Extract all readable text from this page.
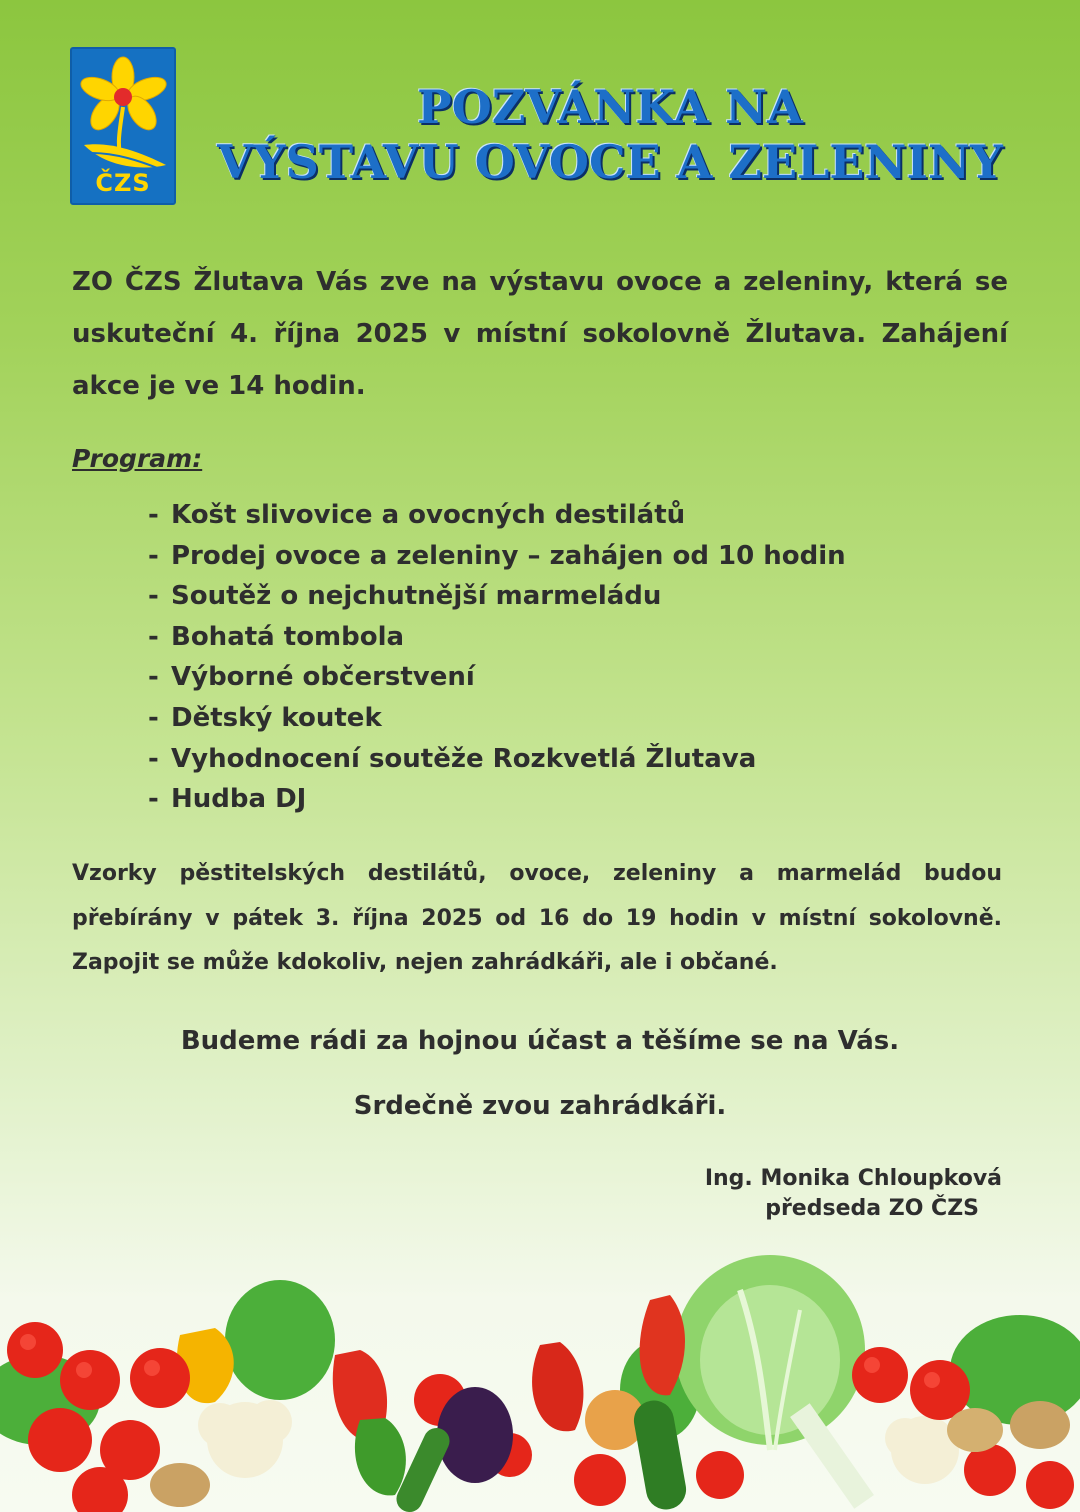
ČZS
POZVÁNKA NA
VÝSTAVU OVOCE A ZELENINY

ZO ČZS Žlutava Vás zve na výstavu ovoce a zeleniny, která se uskuteční 4. října 2025 v místní sokolovně Žlutava. Zahájení akce je ve 14 hodin.

Program:

- Košt slivovice a ovocných destilátů
- Prodej ovoce a zeleniny – zahájen od 10 hodin
- Soutěž o nejchutnější marmeládu
- Bohatá tombola
- Výborné občerstvení
- Dětský koutek
- Vyhodnocení soutěže Rozkvetlá Žlutava
- Hudba DJ

Vzorky pěstitelských destilátů, ovoce, zeleniny a marmelád budou přebírány v pátek 3. října 2025 od 16 do 19 hodin v místní sokolovně. Zapojit se může kdokoliv, nejen zahrádkáři, ale i občané.

Budeme rádi za hojnou účast a těšíme se na Vás.

Srdečně zvou zahrádkáři.

Ing. Monika Chloupková
předseda ZO ČZS
